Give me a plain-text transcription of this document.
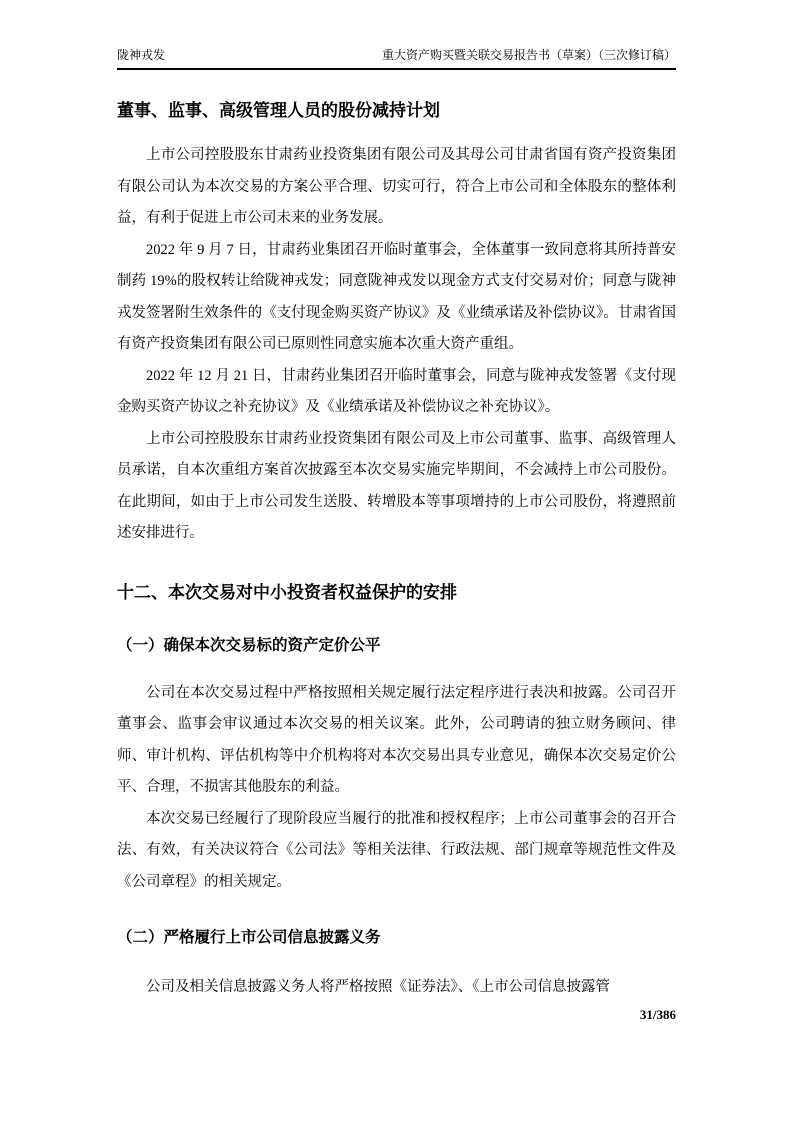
陇神戎发	重大资产购买暨关联交易报告书（草案）（三次修订稿）
董事、监事、高级管理人员的股份减持计划

上市公司控股股东甘肃药业投资集团有限公司及其母公司甘肃省国有资产投资集团有限公司认为本次交易的方案公平合理、切实可行，符合上市公司和全体股东的整体利益，有利于促进上市公司未来的业务发展。

2022 年 9 月 7 日，甘肃药业集团召开临时董事会，全体董事一致同意将其所持普安制药 19%的股权转让给陇神戎发；同意陇神戎发以现金方式支付交易对价；同意与陇神戎发签署附生效条件的《支付现金购买资产协议》及《业绩承诺及补偿协议》。甘肃省国有资产投资集团有限公司已原则性同意实施本次重大资产重组。

2022 年 12 月 21 日，甘肃药业集团召开临时董事会，同意与陇神戎发签署《支付现金购买资产协议之补充协议》及《业绩承诺及补偿协议之补充协议》。

上市公司控股股东甘肃药业投资集团有限公司及上市公司董事、监事、高级管理人员承诺，自本次重组方案首次披露至本次交易实施完毕期间，不会减持上市公司股份。在此期间，如由于上市公司发生送股、转增股本等事项增持的上市公司股份，将遵照前述安排进行。

十二、本次交易对中小投资者权益保护的安排
（一）确保本次交易标的资产定价公平

公司在本次交易过程中严格按照相关规定履行法定程序进行表决和披露。公司召开董事会、监事会审议通过本次交易的相关议案。此外，公司聘请的独立财务顾问、律师、审计机构、评估机构等中介机构将对本次交易出具专业意见，确保本次交易定价公平、合理，不损害其他股东的利益。

本次交易已经履行了现阶段应当履行的批准和授权程序；上市公司董事会的召开合法、有效，有关决议符合《公司法》等相关法律、行政法规、部门规章等规范性文件及《公司章程》的相关规定。

（二）严格履行上市公司信息披露义务

公司及相关信息披露义务人将严格按照《证券法》、《上市公司信息披露管

31/386
